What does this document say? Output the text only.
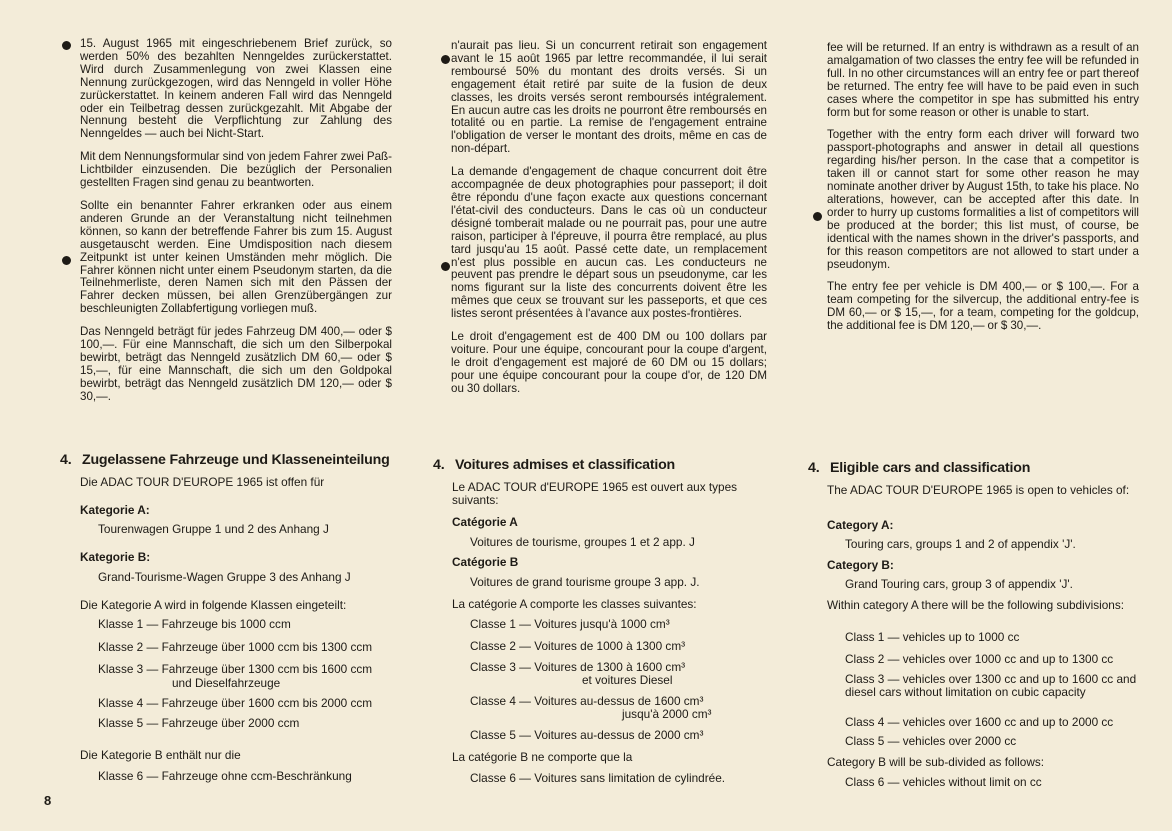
15. August 1965 mit eingeschriebenem Brief zurück, so werden 50% des bezahlten Nenngeldes zurückerstattet. Wird durch Zusammenlegung von zwei Klassen eine Nennung zurückgezogen, wird das Nenngeld in voller Höhe zurückerstattet. In keinem anderen Fall wird das Nenngeld oder ein Teilbetrag dessen zurückgezahlt. Mit Abgabe der Nennung besteht die Verpflichtung zur Zahlung des Nenngeldes — auch bei Nicht-Start.

Mit dem Nennungsformular sind von jedem Fahrer zwei Paß-Lichtbilder einzusenden. Die bezüglich der Personalien gestellten Fragen sind genau zu beantworten.

Sollte ein benannter Fahrer erkranken oder aus einem anderen Grunde an der Veranstaltung nicht teilnehmen können, so kann der betreffende Fahrer bis zum 15. August ausgetauscht werden. Eine Umdisposition nach diesem Zeitpunkt ist unter keinen Umständen mehr möglich. Die Fahrer können nicht unter einem Pseudonym starten, da die Teilnehmerliste, deren Namen sich mit den Pässen der Fahrer decken müssen, bei allen Grenzübergängen zur beschleunigten Zollabfertigung vorliegen muß.

Das Nenngeld beträgt für jedes Fahrzeug DM 400,— oder $ 100,—. Für eine Mannschaft, die sich um den Silberpokal bewirbt, beträgt das Nenngeld zusätzlich DM 60,— oder $ 15,—, für eine Mannschaft, die sich um den Goldpokal bewirbt, beträgt das Nenngeld zusätzlich DM 120,— oder $ 30,—.

n'aurait pas lieu. Si un concurrent retirait son engagement avant le 15 août 1965 par lettre recommandée, il lui serait remboursé 50% du montant des droits versés. Si un engagement était retiré par suite de la fusion de deux classes, les droits versés seront remboursés intégralement. En aucun autre cas les droits ne pourront être remboursés en totalité ou en partie. La remise de l'engagement entraine l'obligation de verser le montant des droits, même en cas de non-départ.

La demande d'engagement de chaque concurrent doit être accompagnée de deux photographies pour passeport; il doit être répondu d'une façon exacte aux questions concernant l'état-civil des conducteurs. Dans le cas où un conducteur désigné tomberait malade ou ne pourrait pas, pour une autre raison, participer à l'épreuve, il pourra être remplacé, au plus tard jusqu'au 15 août. Passé cette date, un remplacement n'est plus possible en aucun cas. Les conducteurs ne peuvent pas prendre le départ sous un pseudonyme, car les noms figurant sur la liste des concurrents doivent être les mêmes que ceux se trouvant sur les passeports, et que ces listes seront présentées à l'avance aux postes-frontières.

Le droit d'engagement est de 400 DM ou 100 dollars par voiture. Pour une équipe, concourant pour la coupe d'argent, le droit d'engagement est majoré de 60 DM ou 15 dollars; pour une équipe concourant pour la coupe d'or, de 120 DM ou 30 dollars.

fee will be returned. If an entry is withdrawn as a result of an amalgamation of two classes the entry fee will be refunded in full. In no other circumstances will an entry fee or part thereof be returned. The entry fee will have to be paid even in such cases where the competitor in spe has submitted his entry form but for some reason or other is unable to start.

Together with the entry form each driver will forward two passport-photographs and answer in detail all questions regarding his/her person. In the case that a competitor is taken ill or cannot start for some other reason he may nominate another driver by August 15th, to take his place. No alterations, however, can be accepted after this date. In order to hurry up customs formalities a list of competitors will be produced at the border; this list must, of course, be identical with the names shown in the driver's passports, and for this reason competitors are not allowed to start under a pseudonym.

The entry fee per vehicle is DM 400,— or $ 100,—. For a team competing for the silvercup, the additional entry-fee is DM 60,— or $ 15,—, for a team, competing for the goldcup, the additional fee is DM 120,— or $ 30,—.

4. Zugelassene Fahrzeuge und Klasseneinteilung

Die ADAC TOUR D'EUROPE 1965 ist offen für

Kategorie A:

Tourenwagen Gruppe 1 und 2 des Anhang J

Kategorie B:

Grand-Tourisme-Wagen Gruppe 3 des Anhang J

Die Kategorie A wird in folgende Klassen eingeteilt:

Klasse 1 — Fahrzeuge bis 1000 ccm

Klasse 2 — Fahrzeuge über 1000 ccm bis 1300 ccm

Klasse 3 — Fahrzeuge über 1300 ccm bis 1600 ccm

und Dieselfahrzeuge

Klasse 4 — Fahrzeuge über 1600 ccm bis 2000 ccm

Klasse 5 — Fahrzeuge über 2000 ccm

Die Kategorie B enthält nur die

Klasse 6 — Fahrzeuge ohne ccm-Beschränkung

4. Voitures admises et classification

Le ADAC TOUR d'EUROPE 1965 est ouvert aux types suivants:

Catégorie A

Voitures de tourisme, groupes 1 et 2 app. J

Catégorie B

Voitures de grand tourisme groupe 3 app. J.

La catégorie A comporte les classes suivantes:

Classe 1 — Voitures jusqu'à 1000 cm³

Classe 2 — Voitures de 1000 à 1300 cm³

Classe 3 — Voitures de 1300 à 1600 cm³

et voitures Diesel

Classe 4 — Voitures au-dessus de 1600 cm³

jusqu'à 2000 cm³

Classe 5 — Voitures au-dessus de 2000 cm³

La catégorie B ne comporte que la

Classe 6 — Voitures sans limitation de cylindrée.

4. Eligible cars and classification

The ADAC TOUR D'EUROPE 1965 is open to vehicles of:

Category A:

Touring cars, groups 1 and 2 of appendix 'J'.

Category B:

Grand Touring cars, group 3 of appendix 'J'.

Within category A there will be the following subdivisions:

Class 1 — vehicles up to 1000 cc

Class 2 — vehicles over 1000 cc and up to 1300 cc

Class 3 — vehicles over 1300 cc and up to 1600 cc and diesel cars without limitation on cubic capacity

Class 4 — vehicles over 1600 cc and up to 2000 cc

Class 5 — vehicles over 2000 cc

Category B will be sub-divided as follows:

Class 6 — vehicles without limit on cc

8
